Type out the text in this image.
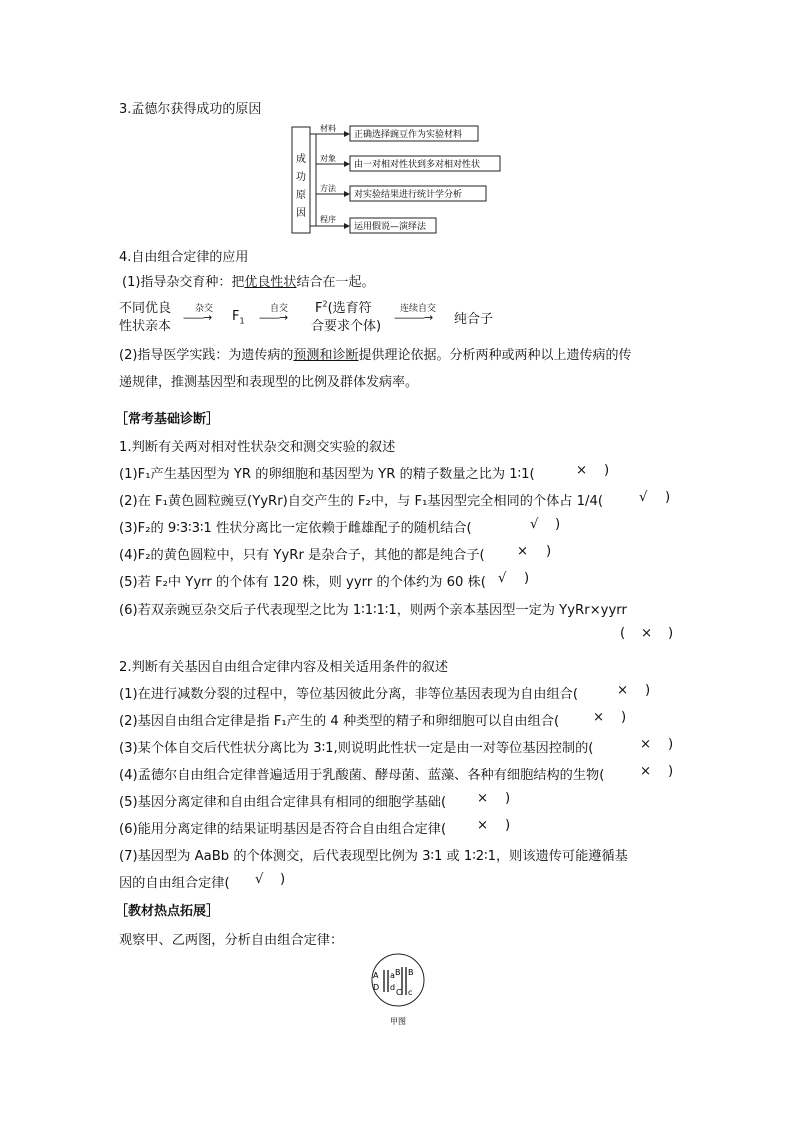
3.孟德尔获得成功的原因
成
功
原
因
材料
正确选择豌豆作为实验材料
对象
由一对相对性状到多对相对性状
方法
对实验结果进行统计学分析
程序
运用假说—演绎法
4.自由组合定律的应用
(1)指导杂交育种：把优良性状结合在一起。
不同优良
性状亲本
杂交
——→ $F_1$
自交
——→
$F^2$(选育符
合要求个体)
连续自交
———→ 纯合子
(2)指导医学实践：为遗传病的预测和诊断提供理论依据。分析两种或两种以上遗传病的传
递规律，推测基因型和表现型的比例及群体发病率。
［常考基础诊断］
1.判断有关两对相对性状杂交和测交实验的叙述
(1)F₁产生基因型为 YR 的卵细胞和基因型为 YR 的精子数量之比为 1∶1(	× )
(2)在 F₁黄色圆粒豌豆(YyRr)自交产生的 F₂中，与 F₁基因型完全相同的个体占 1/4(	√ )
(3)F₂的 9∶3∶3∶1 性状分离比一定依赖于雌雄配子的随机结合(	√ )
(4)F₂的黄色圆粒中，只有 YyRr 是杂合子，其他的都是纯合子( × )
(5)若 F₂中 Yyrr 的个体有 120 株，则 yyrr 的个体约为 60 株( √ )
(6)若双亲豌豆杂交后子代表现型之比为 1∶1∶1∶1，则两个亲本基因型一定为 YyRr×yyrr
( × )
2.判断有关基因自由组合定律内容及相关适用条件的叙述
(1)在进行减数分裂的过程中，等位基因彼此分离，非等位基因表现为自由组合(	× )
(2)基因自由组合定律是指 F₁产生的 4 种类型的精子和卵细胞可以自由组合(	× )
(3)某个体自交后代性状分离比为 3∶1,则说明此性状一定是由一对等位基因控制的(	× )
(4)孟德尔自由组合定律普遍适用于乳酸菌、酵母菌、蓝藻、各种有细胞结构的生物(	× )
(5)基因分离定律和自由组合定律具有相同的细胞学基础( × )
(6)能用分离定律的结果证明基因是否符合自由组合定律( × )
(7)基因型为 AaBb 的个体测交，后代表现型比例为 3∶1 或 1∶2∶1，则该遗传可能遵循基
因的自由组合定律( √ )
［教材热点拓展］
观察甲、乙两图，分析自由组合定律：
A a
D d
B B
C c
甲图
